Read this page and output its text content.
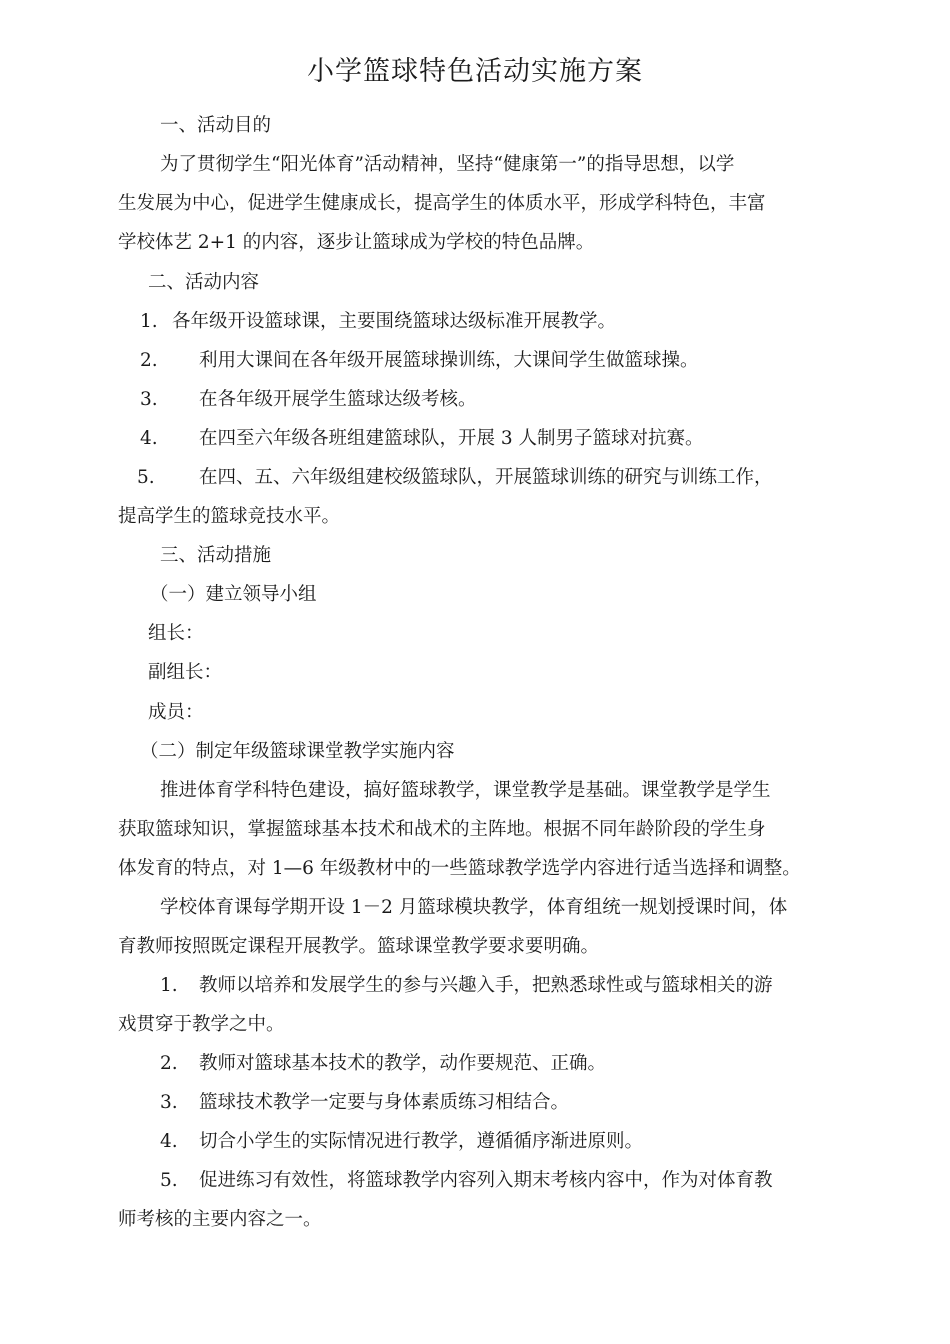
小学篮球特色活动实施方案
一、活动目的
为了贯彻学生“阳光体育”活动精神，坚持“健康第一”的指导思想，以学
生发展为中心，促进学生健康成长，提高学生的体质水平，形成学科特色，丰富
学校体艺 2+1 的内容，逐步让篮球成为学校的特色品牌。
二、活动内容
1. 各年级开设篮球课，主要围绕篮球达级标准开展教学。
2. 利用大课间在各年级开展篮球操训练，大课间学生做篮球操。
3. 在各年级开展学生篮球达级考核。
4. 在四至六年级各班组建篮球队，开展 3 人制男子篮球对抗赛。
5. 在四、五、六年级组建校级篮球队，开展篮球训练的研究与训练工作，
提高学生的篮球竞技水平。
三、活动措施
（一）建立领导小组
组长：
副组长：
成员：
（二）制定年级篮球课堂教学实施内容
推进体育学科特色建设，搞好篮球教学，课堂教学是基础。课堂教学是学生
获取篮球知识，掌握篮球基本技术和战术的主阵地。根据不同年龄阶段的学生身
体发育的特点，对 1—6 年级教材中的一些篮球教学选学内容进行适当选择和调整。
学校体育课每学期开设 1－2 月篮球模块教学，体育组统一规划授课时间，体
育教师按照既定课程开展教学。篮球课堂教学要求要明确。
1. 教师以培养和发展学生的参与兴趣入手，把熟悉球性或与篮球相关的游
戏贯穿于教学之中。
2. 教师对篮球基本技术的教学，动作要规范、正确。
3. 篮球技术教学一定要与身体素质练习相结合。
4. 切合小学生的实际情况进行教学，遵循循序渐进原则。
5. 促进练习有效性，将篮球教学内容列入期末考核内容中，作为对体育教
师考核的主要内容之一。
